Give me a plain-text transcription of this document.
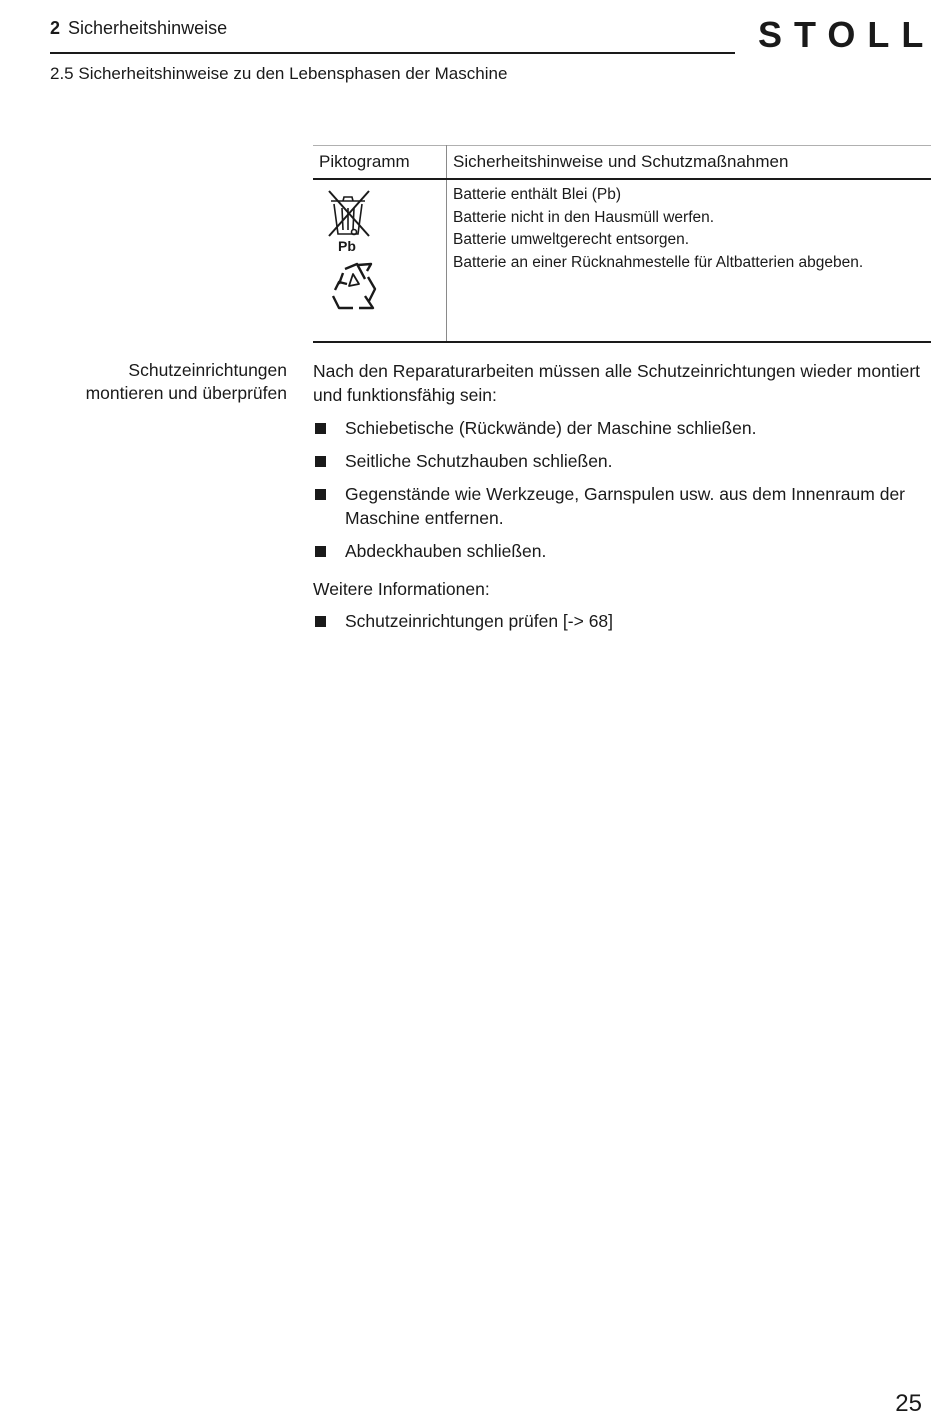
2 Sicherheitshinweise	STOLL
2.5 Sicherheitshinweise zu den Lebensphasen der Maschine
Piktogramm	Sicherheitshinweise und Schutzmaßnahmen

Pb	Batterie enthält Blei (Pb)
Batterie nicht in den Hausmüll werfen.
Batterie umweltgerecht entsorgen.
Batterie an einer Rücknahmestelle für Altbatterien abgeben.
Schutzeinrichtungen
montieren und überprüfen

Nach den Reparaturarbeiten müssen alle Schutzeinrichtungen wieder montiert und funktionsfähig sein:

Schiebetische (Rückwände) der Maschine schließen.
Seitliche Schutzhauben schließen.
Gegenstände wie Werkzeuge, Garnspulen usw. aus dem Innenraum der Maschine entfernen.
Abdeckhauben schließen.

Weitere Informationen:

Schutzeinrichtungen prüfen [-> 68]
25
